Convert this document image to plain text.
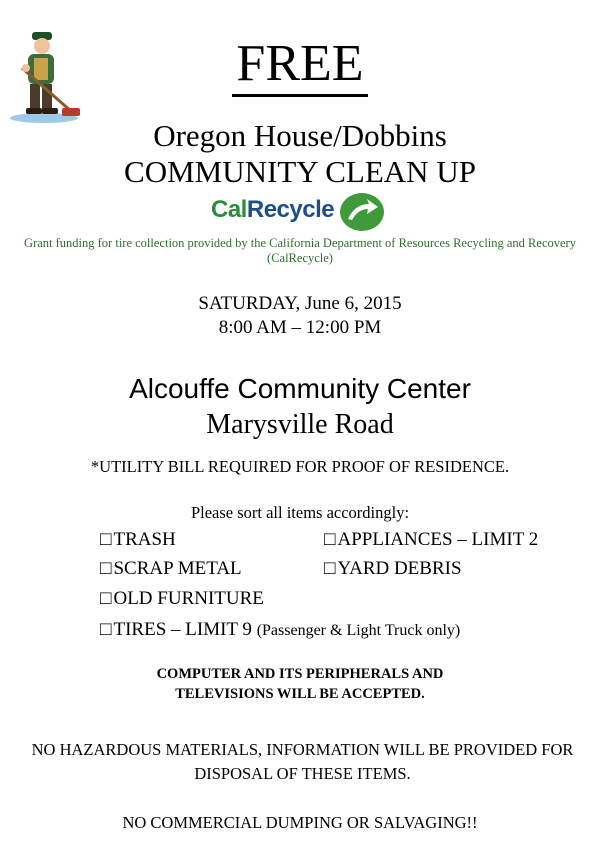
FREE
Oregon House/Dobbins
COMMUNITY CLEAN UP
CalRecycle
Grant funding for tire collection provided by the California Department of Resources Recycling and Recovery (CalRecycle)
SATURDAY, June 6, 2015
8:00 AM – 12:00 PM
Alcouffe Community Center
Marysville Road
*UTILITY BILL REQUIRED FOR PROOF OF RESIDENCE.
Please sort all items accordingly:
□ TRASH	□ APPLIANCES – LIMIT 2
□ SCRAP METAL	□ YARD DEBRIS
□ OLD FURNITURE
□ TIRES – LIMIT 9 (Passenger & Light Truck only)
COMPUTER AND ITS PERIPHERALS AND
TELEVISIONS WILL BE ACCEPTED.
NO HAZARDOUS MATERIALS, INFORMATION WILL BE PROVIDED FOR DISPOSAL OF THESE ITEMS.
NO COMMERCIAL DUMPING OR SALVAGING!!
